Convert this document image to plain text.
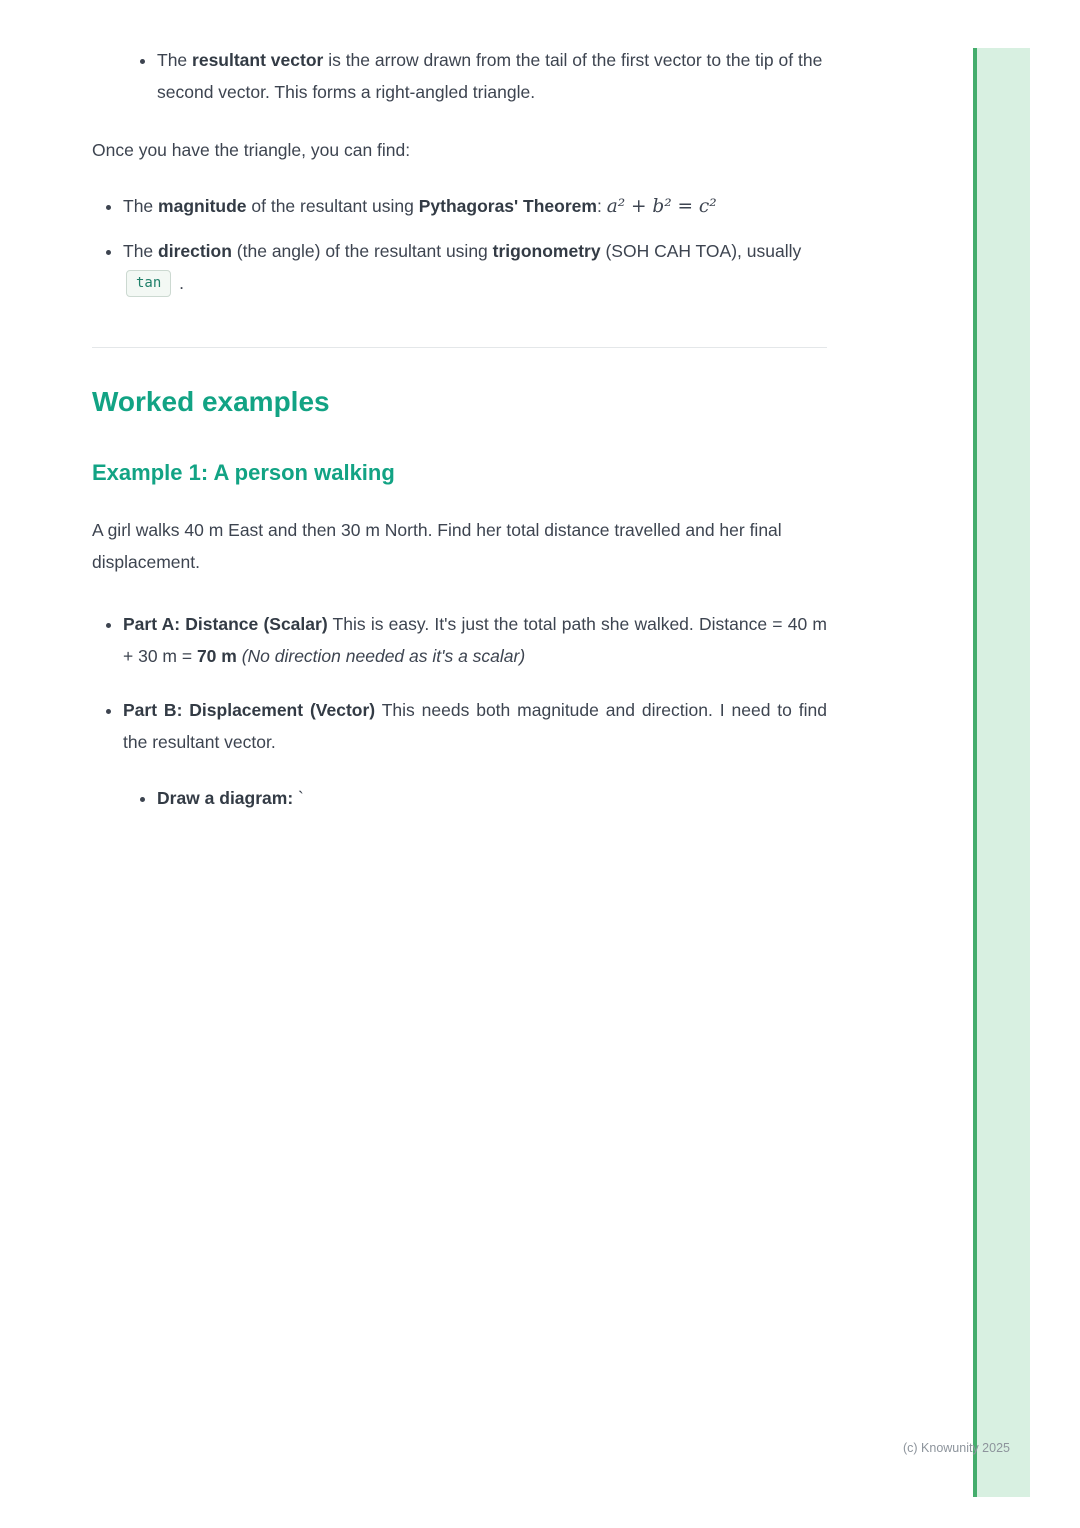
• The resultant vector is the arrow drawn from the tail of the first vector to the tip of the second vector. This forms a right-angled triangle.

Once you have the triangle, you can find:

• The magnitude of the resultant using Pythagoras' Theorem: a² + b² = c²
• The direction (the angle) of the resultant using trigonometry (SOH CAH TOA), usually tan .
Worked examples
Example 1: A person walking

A girl walks 40 m East and then 30 m North. Find her total distance travelled and her final displacement.

• Part A: Distance (Scalar) This is easy. It's just the total path she walked. Distance = 40 m + 30 m = 70 m (No direction needed as it's a scalar)
• Part B: Displacement (Vector) This needs both magnitude and direction. I need to find the resultant vector.
• Draw a diagram: `
(c) Knowunity 2025
